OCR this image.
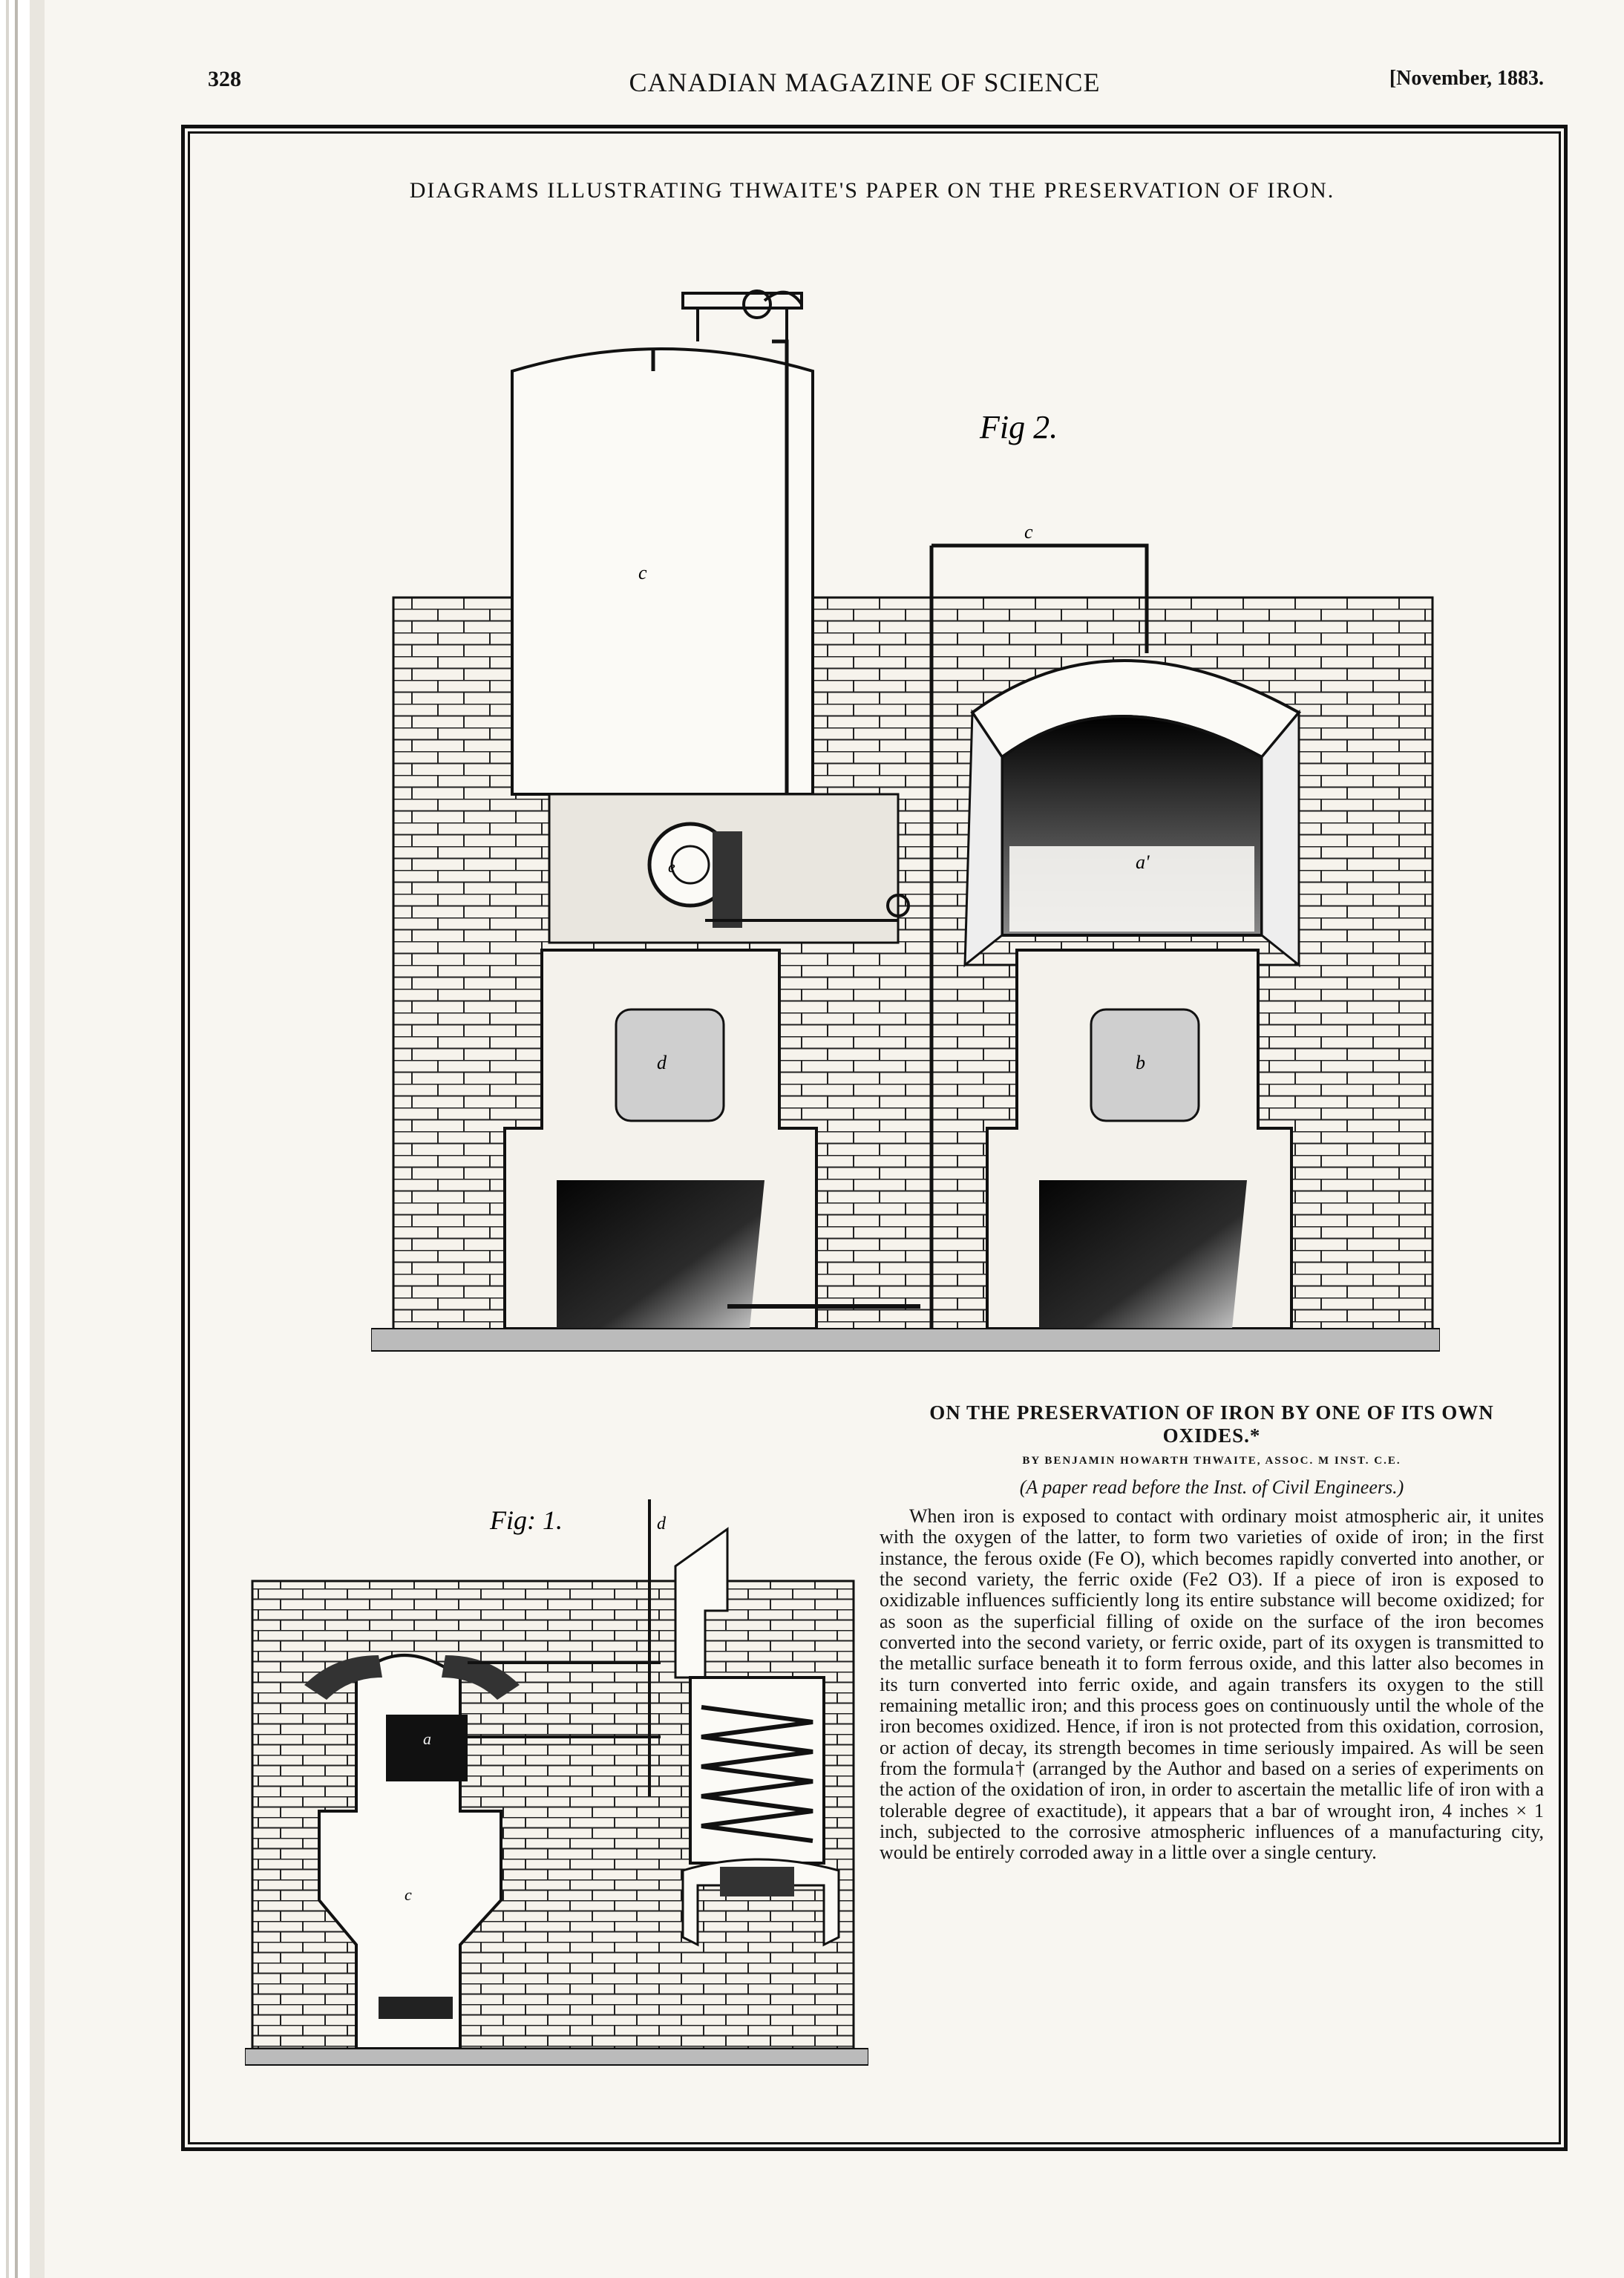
328	CANADIAN MAGAZINE OF SCIENCE	[November, 1883.
DIAGRAMS ILLUSTRATING THWAITE'S PAPER ON THE PRESERVATION OF IRON.
c
Fig 2.
c
a'
e
d	b
Fig: 1.	d
a
c
ON THE PRESERVATION OF IRON BY ONE OF ITS OWN OXIDES.*
BY BENJAMIN HOWARTH THWAITE, ASSOC. M INST. C.E.
(A paper read before the Inst. of Civil Engineers.)
When iron is exposed to contact with ordinary moist atmospheric air, it unites with the oxygen of the latter, to form two varieties of oxide of iron; in the first instance, the ferous oxide (Fe O), which becomes rapidly converted into another, or the second variety, the ferric oxide (Fe2 O3). If a piece of iron is exposed to oxidizable influences sufficiently long its entire substance will become oxidized; for as soon as the superficial filling of oxide on the surface of the iron becomes converted into the second variety, or ferric oxide, part of its oxygen is transmitted to the metallic surface beneath it to form ferrous oxide, and this latter also becomes in its turn converted into ferric oxide, and again transfers its oxygen to the still remaining metallic iron; and this process goes on continuously until the whole of the iron becomes oxidized. Hence, if iron is not protected from this oxidation, corrosion, or action of decay, its strength becomes in time seriously impaired. As will be seen from the formula† (arranged by the Author and based on a series of experiments on the action of the oxidation of iron, in order to ascertain the metallic life of iron with a tolerable degree of exactitude), it appears that a bar of wrought iron, 4 inches × 1 inch, subjected to the corrosive atmospheric influences of a manufacturing city, would be entirely corroded away in a little over a single century.
